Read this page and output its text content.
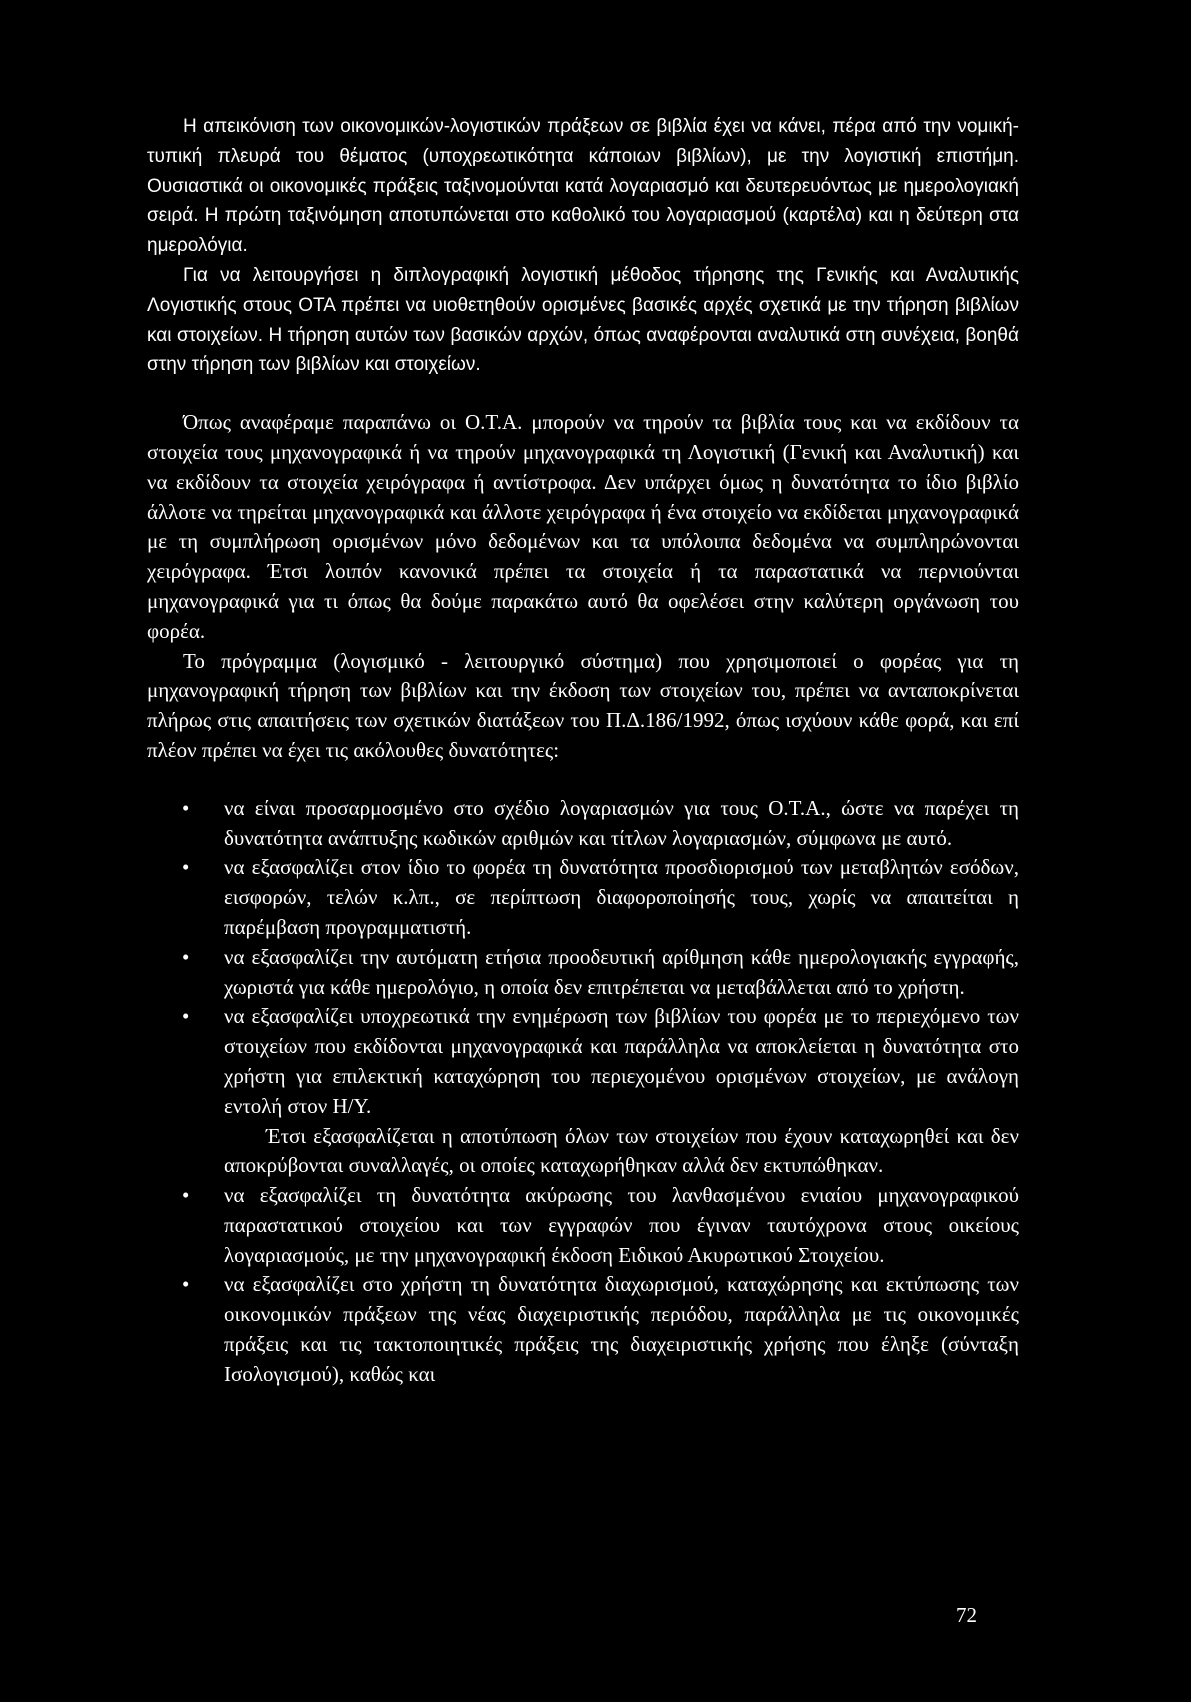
Η απεικόνιση των οικονομικών-λογιστικών πράξεων σε βιβλία έχει να κάνει, πέρα από την νομική-τυπική πλευρά του θέματος (υποχρεωτικότητα κάποιων βιβλίων), με την λογιστική επιστήμη. Ουσιαστικά οι οικονομικές πράξεις ταξινομούνται κατά λογαριασμό και δευτερευόντως με ημερολογιακή σειρά. Η πρώτη ταξινόμηση αποτυπώνεται στο καθολικό του λογαριασμού (καρτέλα) και η δεύτερη στα ημερολόγια.

Για να λειτουργήσει η διπλογραφική λογιστική μέθοδος τήρησης της Γενικής και Αναλυτικής Λογιστικής στους ΟΤΑ πρέπει να υιοθετηθούν ορισμένες βασικές αρχές σχετικά με την τήρηση βιβλίων και στοιχείων. Η τήρηση αυτών των βασικών αρχών, όπως αναφέρονται αναλυτικά στη συνέχεια, βοηθά στην τήρηση των βιβλίων και στοιχείων.

Όπως αναφέραμε παραπάνω οι Ο.Τ.Α. μπορούν να τηρούν τα βιβλία τους και να εκδίδουν τα στοιχεία τους μηχανογραφικά ή να τηρούν μηχανογραφικά τη Λογιστική (Γενική και Αναλυτική) και να εκδίδουν τα στοιχεία χειρόγραφα ή αντίστροφα. Δεν υπάρχει όμως η δυνατότητα το ίδιο βιβλίο άλλοτε να τηρείται μηχανογραφικά και άλλοτε χειρόγραφα ή ένα στοιχείο να εκδίδεται μηχανογραφικά με τη συμπλήρωση ορισμένων μόνο δεδομένων και τα υπόλοιπα δεδομένα να συμπληρώνονται χειρόγραφα. Έτσι λοιπόν κανονικά πρέπει τα στοιχεία ή τα παραστατικά να περνιούνται μηχανογραφικά για τι όπως θα δούμε παρακάτω αυτό θα οφελέσει στην καλύτερη οργάνωση του φορέα.

Το πρόγραμμα (λογισμικό - λειτουργικό σύστημα) που χρησιμοποιεί ο φορέας για τη μηχανογραφική τήρηση των βιβλίων και την έκδοση των στοιχείων του, πρέπει να ανταποκρίνεται πλήρως στις απαιτήσεις των σχετικών διατάξεων του Π.Δ.186/1992, όπως ισχύουν κάθε φορά, και επί πλέον πρέπει να έχει τις ακόλουθες δυνατότητες:

• να είναι προσαρμοσμένο στο σχέδιο λογαριασμών για τους Ο.Τ.Α., ώστε να παρέχει τη δυνατότητα ανάπτυξης κωδικών αριθμών και τίτλων λογαριασμών, σύμφωνα με αυτό.
• να εξασφαλίζει στον ίδιο το φορέα τη δυνατότητα προσδιορισμού των μεταβλητών εσόδων, εισφορών, τελών κ.λπ., σε περίπτωση διαφοροποίησής τους, χωρίς να απαιτείται η παρέμβαση προγραμματιστή.
• να εξασφαλίζει την αυτόματη ετήσια προοδευτική αρίθμηση κάθε ημερολογιακής εγγραφής, χωριστά για κάθε ημερολόγιο, η οποία δεν επιτρέπεται να μεταβάλλεται από το χρήστη.
• να εξασφαλίζει υποχρεωτικά την ενημέρωση των βιβλίων του φορέα με το περιεχόμενο των στοιχείων που εκδίδονται μηχανογραφικά και παράλληλα να αποκλείεται η δυνατότητα στο χρήστη για επιλεκτική καταχώρηση του περιεχομένου ορισμένων στοιχείων, με ανάλογη εντολή στον Η/Υ.

Έτσι εξασφαλίζεται η αποτύπωση όλων των στοιχείων που έχουν καταχωρηθεί και δεν αποκρύβονται συναλλαγές, οι οποίες καταχωρήθηκαν αλλά δεν εκτυπώθηκαν.

• να εξασφαλίζει τη δυνατότητα ακύρωσης του λανθασμένου ενιαίου μηχανογραφικού παραστατικού στοιχείου και των εγγραφών που έγιναν ταυτόχρονα στους οικείους λογαριασμούς, με την μηχανογραφική έκδοση Ειδικού Ακυρωτικού Στοιχείου.
• να εξασφαλίζει στο χρήστη τη δυνατότητα διαχωρισμού, καταχώρησης και εκτύπωσης των οικονομικών πράξεων της νέας διαχειριστικής περιόδου, παράλληλα με τις οικονομικές πράξεις και τις τακτοποιητικές πράξεις της διαχειριστικής χρήσης που έληξε (σύνταξη Ισολογισμού), καθώς και
72
